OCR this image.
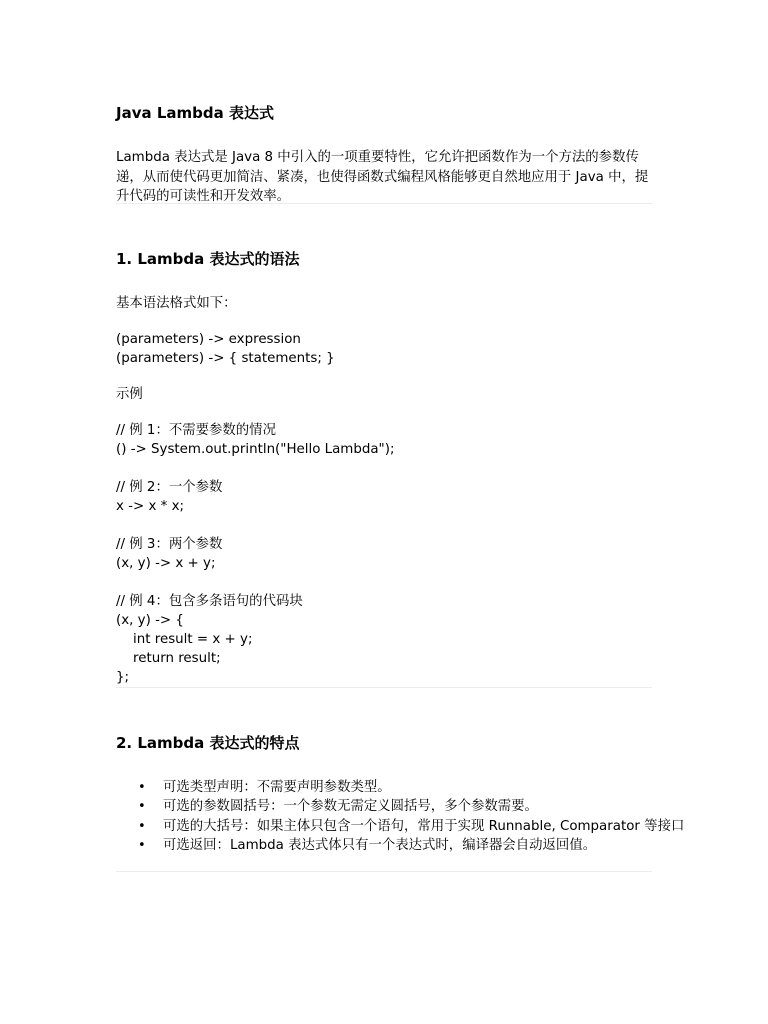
Java Lambda 表达式

Lambda 表达式是 Java 8 中引入的一项重要特性，它允许把函数作为一个方法的参数传递，从而使代码更加简洁、紧凑，也使得函数式编程风格能够更自然地应用于 Java 中，提升代码的可读性和开发效率。

1. Lambda 表达式的语法

基本语法格式如下：

(parameters) -> expression
(parameters) -> { statements; }

示例

// 例 1：不需要参数的情况
() -> System.out.println("Hello Lambda");
// 例 2：一个参数
x -> x * x;
// 例 3：两个参数
(x, y) -> x + y;
// 例 4：包含多条语句的代码块
(x, y) -> {
int result = x + y;
return result;
};
2. Lambda 表达式的特点
• 可选类型声明：不需要声明参数类型。
• 可选的参数圆括号：一个参数无需定义圆括号，多个参数需要。
• 可选的大括号：如果主体只包含一个语句，常用于实现 Runnable, Comparator 等接口
• 可选返回：Lambda 表达式体只有一个表达式时，编译器会自动返回值。
